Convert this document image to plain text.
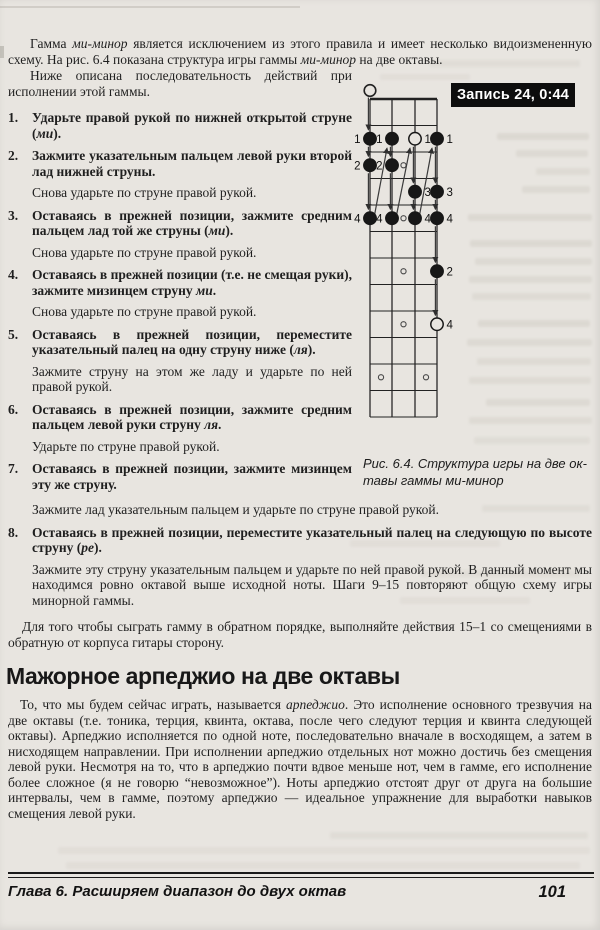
Гамма ми-минор является исключением из этого правила и имеет несколько видоизмененную схему. На рис. 6.4 показана структура игры гаммы ми-минор на две октавы.

Ниже описана последовательность действий при исполнении этой гаммы.

1.	Ударьте правой рукой по нижней открытой струне (ми).

2.	Зажмите указательным пальцем левой руки второй лад нижней струны.

Снова ударьте по струне правой рукой.

3.	Оставаясь в прежней позиции, зажмите средним пальцем лад той же струны (ми).

Снова ударьте по струне правой рукой.

4.	Оставаясь в прежней позиции (т.е. не смещая руки), зажмите мизинцем струну ми.

Снова ударьте по струне правой рукой.

5.	Оставаясь в прежней позиции, переместите указательный палец на одну струну ниже (ля).

Зажмите струну на этом же ладу и ударьте по ней правой рукой.

6.	Оставаясь в прежней позиции, зажмите средним пальцем левой руки струну ля.

Ударьте по струне правой рукой.

7.	Оставаясь в прежней позиции, зажмите мизинцем эту же струну.

Зажмите лад указательным пальцем и ударьте по струне правой рукой.

8.	Оставаясь в прежней позиции, переместите указательный палец на следующую по высоте струну (ре).

Зажмите эту струну указательным пальцем и ударьте по ней правой рукой. В данный момент мы находимся ровно октавой выше исходной ноты. Шаги 9–15 повторяют общую схему игры минорной гаммы.

Для того чтобы сыграть гамму в обратном порядке, выполняйте действия 15–1 со смещениями в обратную от корпуса гитары сторону.

Мажорное арпеджио на две октавы

То, что мы будем сейчас играть, называется арпеджио. Это исполнение основного трезвучия на две октавы (т.е. тоника, терция, квинта, октава, после чего следуют терция и квинта следующей октавы). Арпеджио исполняется по одной ноте, последовательно вначале в восходящем, а затем в нисходящем направлении. При исполнении арпеджио отдельных нот можно достичь без смещения левой руки. Несмотря на то, что в арпеджио почти вдвое меньше нот, чем в гамме, его исполнение более сложное (я не говорю “невозможное”). Ноты арпеджио отстоят друг от друга на большие интервалы, чем в гамме, поэтому арпеджио — идеальное упражнение для выработки навыков смещения левой руки.

1 1	1 1
2 2
3 3
4 4	4 4
2
4
Запись 24, 0:44
Рис. 6.4. Структура игры на две ок-
тавы гаммы ми-минор
Глава 6. Расширяем диапазон до двух октав	101
